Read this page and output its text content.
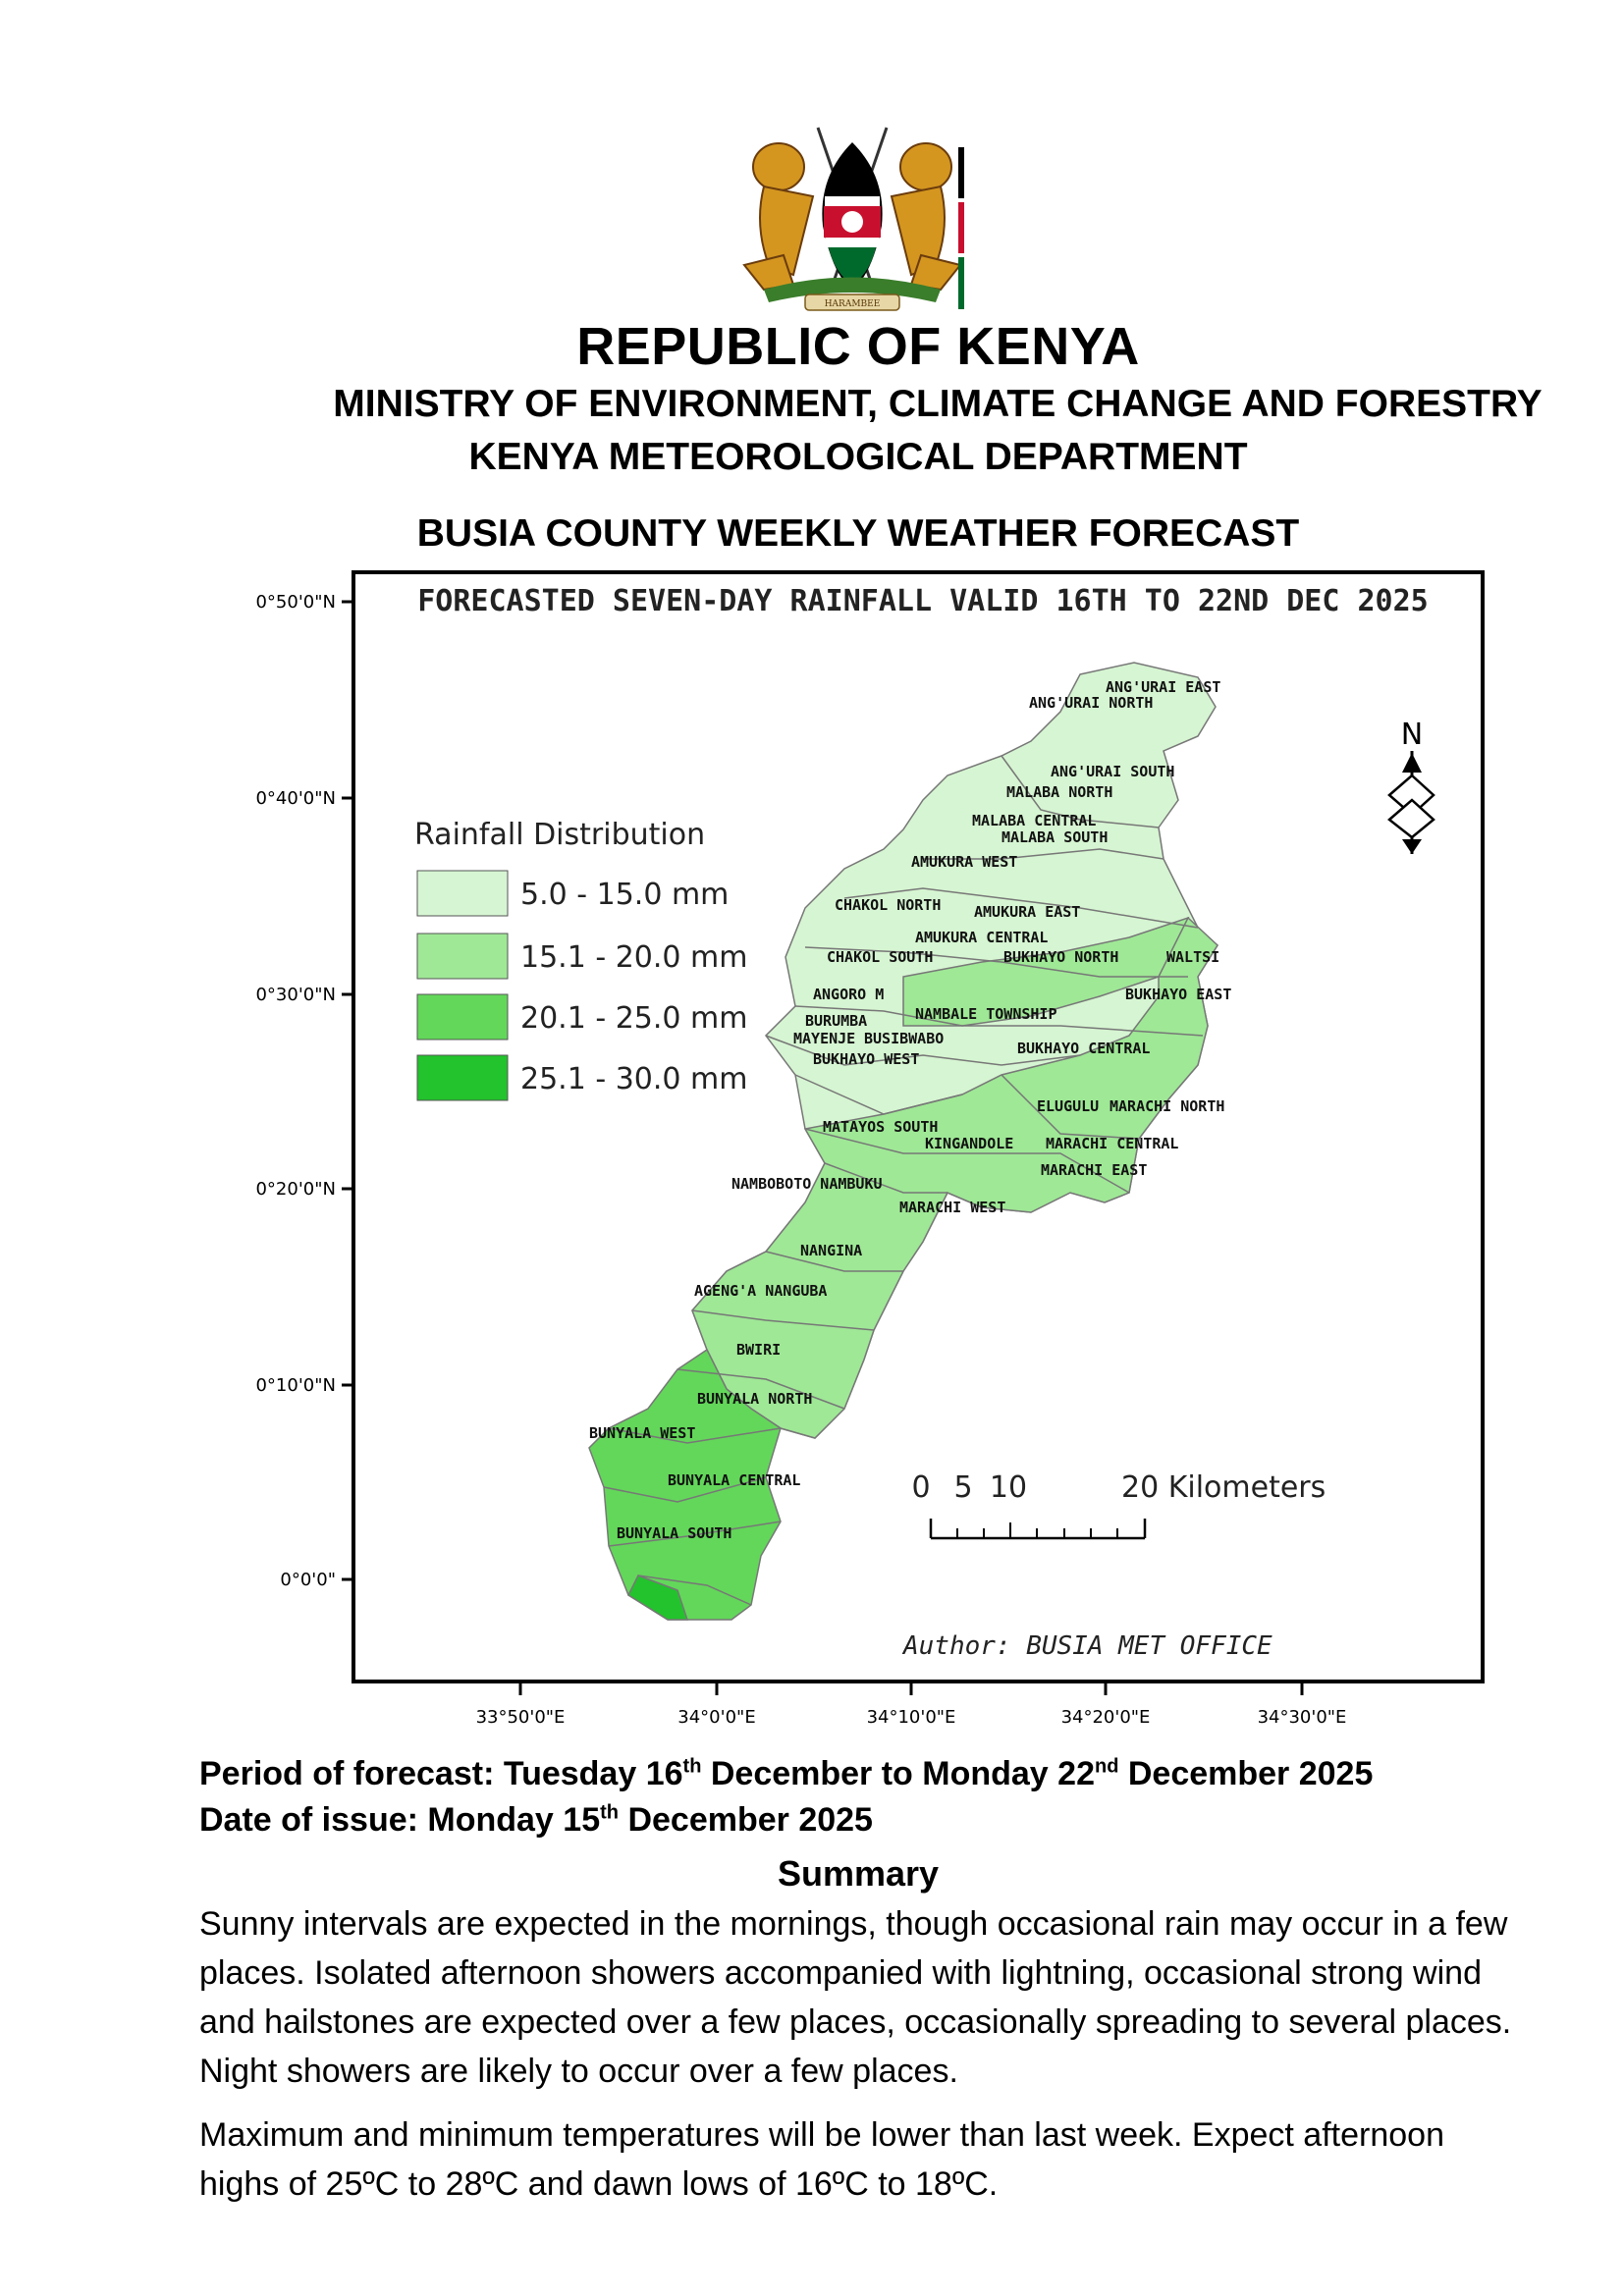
HARAMBEE
REPUBLIC OF KENYA
MINISTRY OF ENVIRONMENT, CLIMATE CHANGE AND FORESTRY
KENYA METEOROLOGICAL DEPARTMENT
BUSIA COUNTY WEEKLY WEATHER FORECAST
FORECASTED SEVEN-DAY RAINFALL VALID 16TH TO 22ND DEC 2025
0°50'0"N
0°40'0"N
0°30'0"N
0°20'0"N
0°10'0"N
0°0'0"
33°50'0"E	34°0'0"E	34°10'0"E	34°20'0"E	34°30'0"E
ANG'URAI EAST
ANG'URAI NORTH
ANG'URAI SOUTH
MALABA NORTH
MALABA CENTRAL
MALABA SOUTH
AMUKURA WEST
CHAKOL NORTH AMUKURA EAST
AMUKURA CENTRAL
CHAKOL SOUTH	BUKHAYO NORTH	WALTSI
ANGORO M
NAMBALE TOWNSHIP
BUKHAYO EAST
BURUMBA
MAYENJE BUSIBWABO
BUKHAYO CENTRAL
BUKHAYO WEST
ELUGULU MARACHI NORTH
MATAYOS SOUTH
KINGANDOLE MARACHI CENTRAL
MARACHI EAST
NAMBOBOTO NAMBUKU
MARACHI WEST
NANGINA
AGENG'A NANGUBA
BWIRI
BUNYALA NORTH
BUNYALA WEST
BUNYALA CENTRAL
BUNYALA SOUTH
Rainfall Distribution
5.0 - 15.0 mm
15.1 - 20.0 mm
20.1 - 25.0 mm
25.1 - 30.0 mm
N
0 5 10	20 Kilometers
Author: BUSIA MET OFFICE
Period of forecast: Tuesday 16th December to Monday 22nd December 2025
Date of issue: Monday 15th December 2025
Summary
Sunny intervals are expected in the mornings, though occasional rain may occur in a few places. Isolated afternoon showers accompanied with lightning, occasional strong wind and hailstones are expected over a few places, occasionally spreading to several places. Night showers are likely to occur over a few places.
Maximum and minimum temperatures will be lower than last week. Expect afternoon highs of 25ºC to 28ºC and dawn lows of 16ºC to 18ºC.
